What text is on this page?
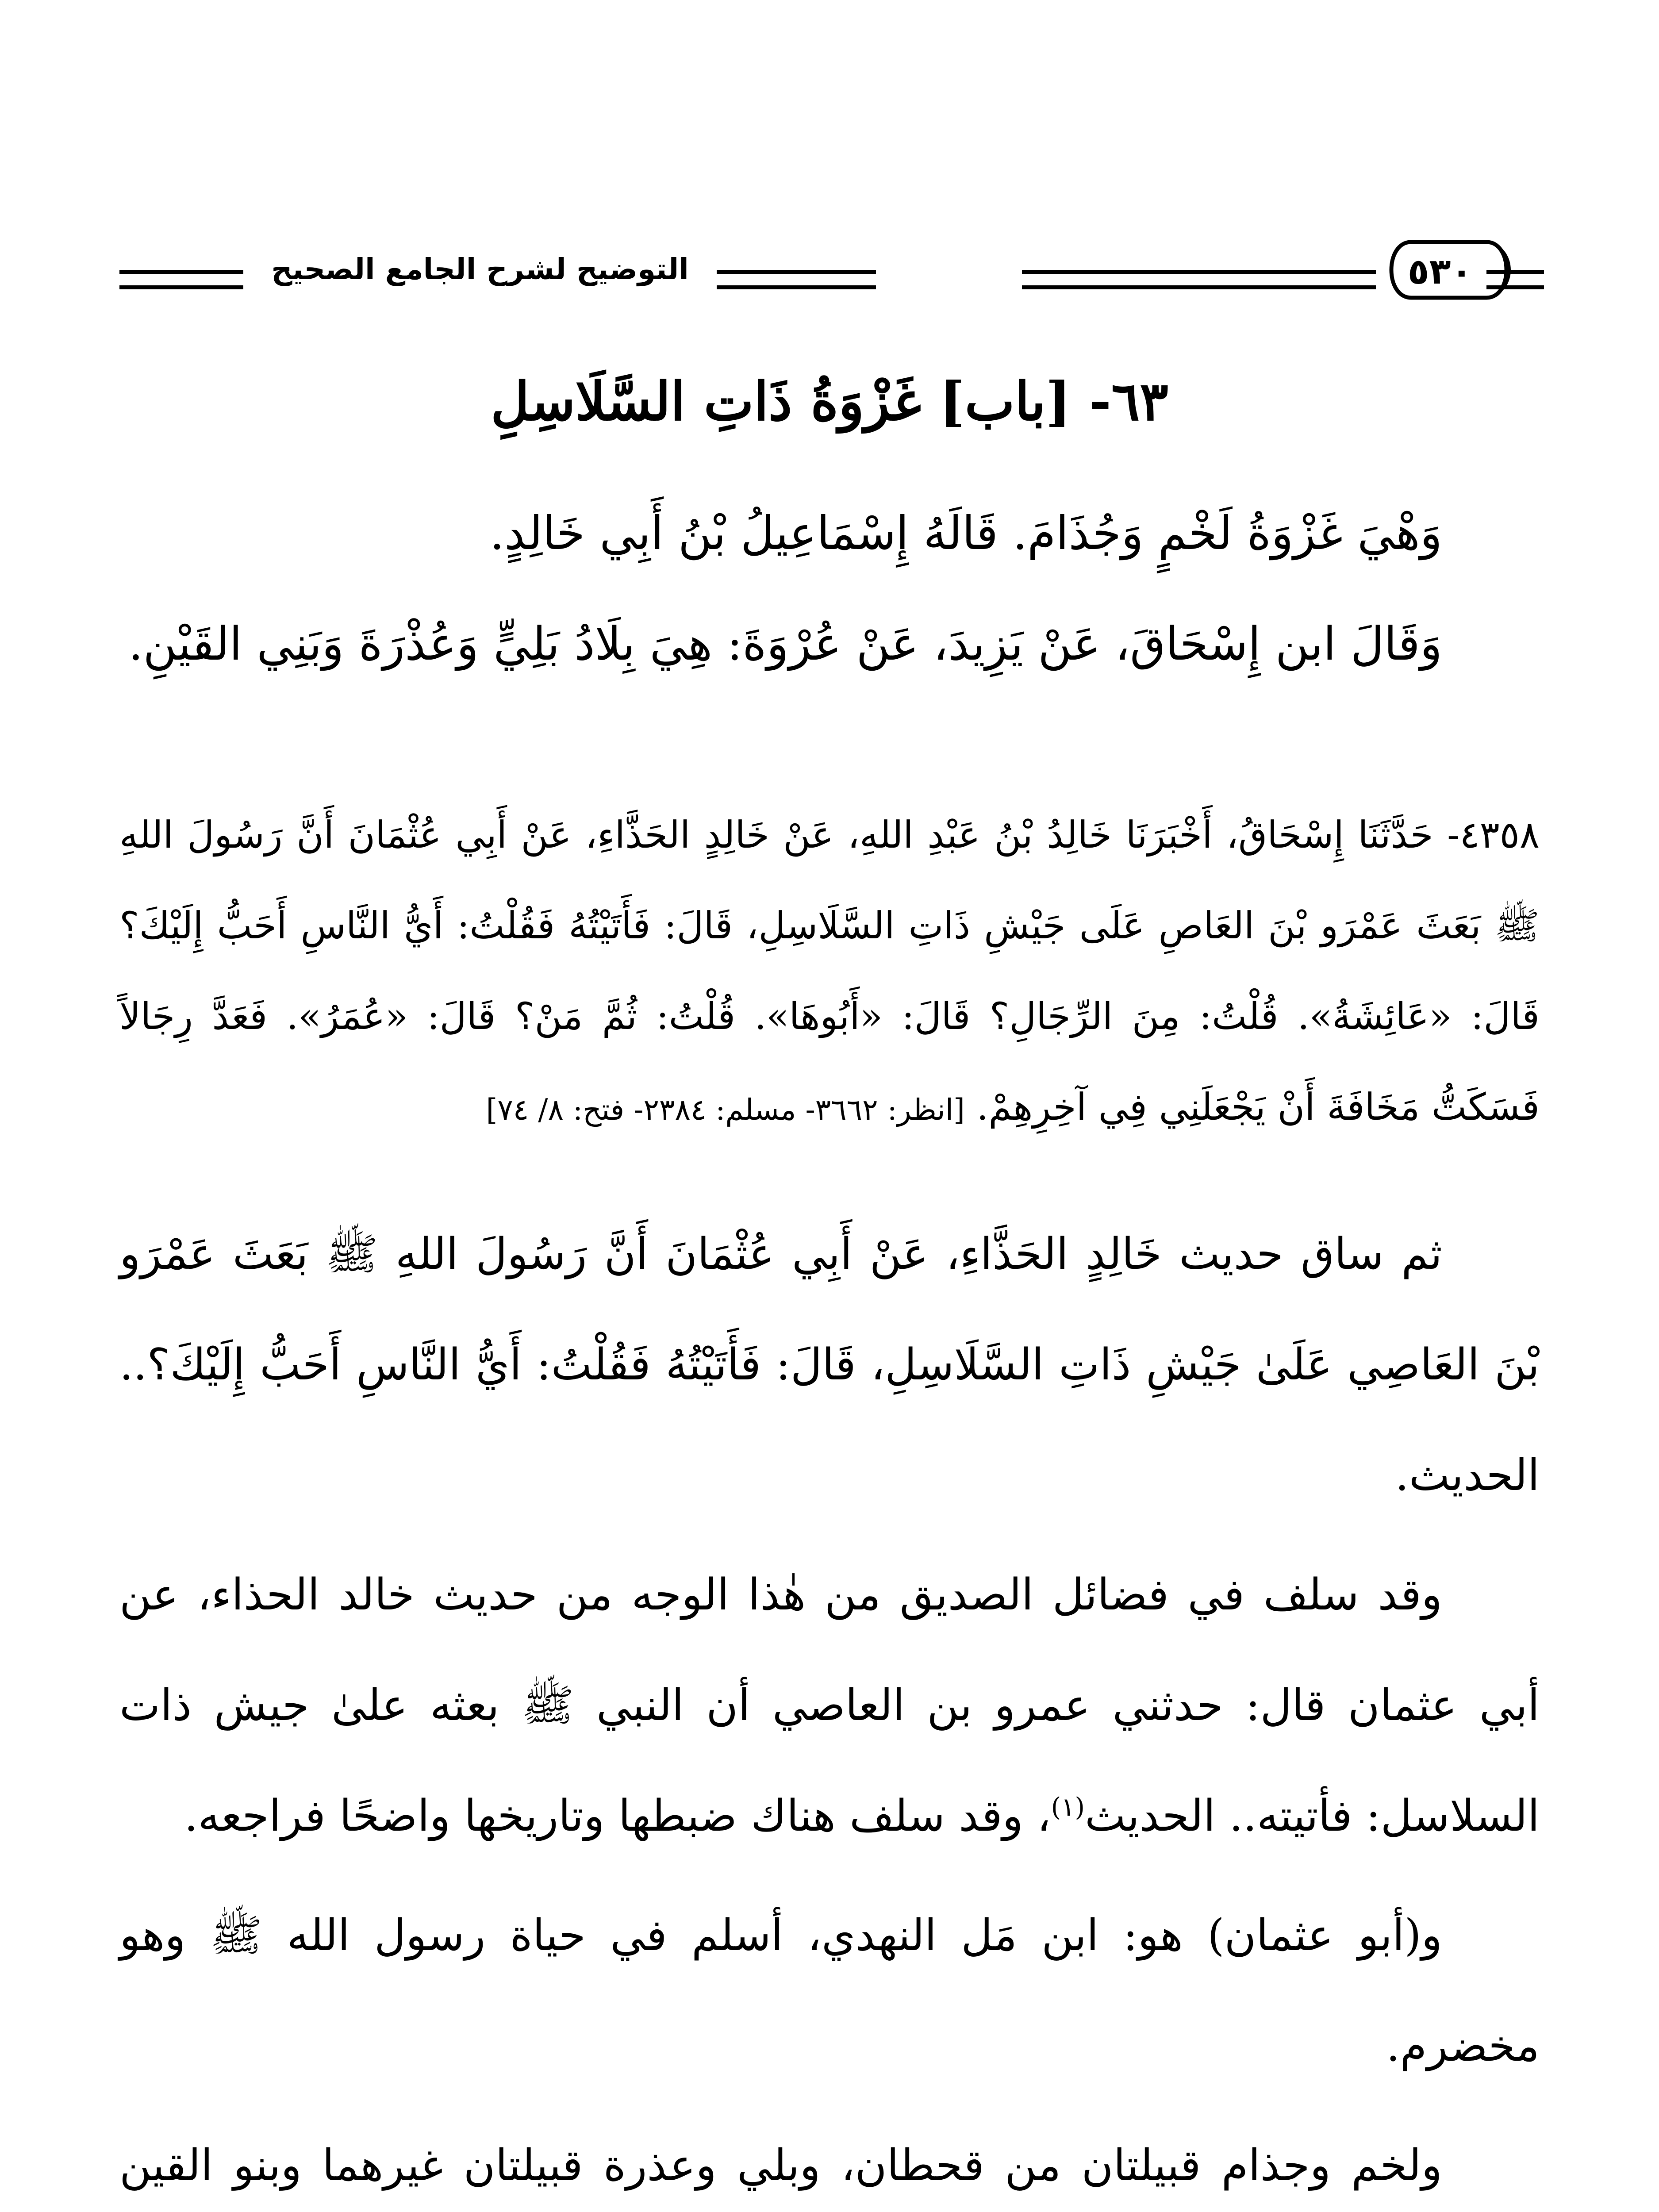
٥٣٠
التوضيح لشرح الجامع الصحيح
٦٣- [باب] غَزْوَةُ ذَاتِ السَّلَاسِلِ
وَهْيَ غَزْوَةُ لَخْمٍ وَجُذَامَ. قَالَهُ إِسْمَاعِيلُ بْنُ أَبِي خَالِدٍ.
وَقَالَ ابن إِسْحَاقَ، عَنْ يَزِيدَ، عَنْ عُرْوَةَ: هِيَ بِلَادُ بَلِيٍّ وَعُذْرَةَ وَبَنِي القَيْنِ.
٤٣٥٨- حَدَّثَنَا إِسْحَاقُ، أَخْبَرَنَا خَالِدُ بْنُ عَبْدِ اللهِ، عَنْ خَالِدٍ الحَذَّاءِ، عَنْ أَبِي عُثْمَانَ أَنَّ رَسُولَ اللهِ ﷺ بَعَثَ عَمْرَو بْنَ العَاصِ عَلَى جَيْشِ ذَاتِ السَّلَاسِلِ، قَالَ: فَأَتَيْتُهُ فَقُلْتُ: أَيُّ النَّاسِ أَحَبُّ إِلَيْكَ؟ قَالَ: «عَائِشَةُ». قُلْتُ: مِنَ الرِّجَالِ؟ قَالَ: «أَبُوهَا». قُلْتُ: ثُمَّ مَنْ؟ قَالَ: «عُمَرُ». فَعَدَّ رِجَالاً فَسَكَتُّ مَخَافَةَ أَنْ يَجْعَلَنِي فِي آخِرِهِمْ. [انظر: ٣٦٦٢- مسلم: ٢٣٨٤- فتح: ٨/ ٧٤]
ثم ساق حديث خَالِدٍ الحَذَّاءِ، عَنْ أَبِي عُثْمَانَ أَنَّ رَسُولَ اللهِ ﷺ بَعَثَ عَمْرَو بْنَ العَاصِي عَلَىٰ جَيْشِ ذَاتِ السَّلَاسِلِ، قَالَ: فَأَتَيْتُهُ فَقُلْتُ: أَيُّ النَّاسِ أَحَبُّ إِلَيْكَ؟.. الحديث.
وقد سلف في فضائل الصديق من هٰذا الوجه من حديث خالد الحذاء، عن أبي عثمان قال: حدثني عمرو بن العاصي أن النبي ﷺ بعثه علىٰ جيش ذات السلاسل: فأتيته.. الحديث$^{(١)}$، وقد سلف هناك ضبطها وتاريخها واضحًا فراجعه.
و(أبو عثمان) هو: ابن مَل النهدي، أسلم في حياة رسول الله ﷺ وهو مخضرم.
ولخم وجذام قبيلتان من قحطان، وبلي وعذرة قبيلتان غيرهما وبنو القين
